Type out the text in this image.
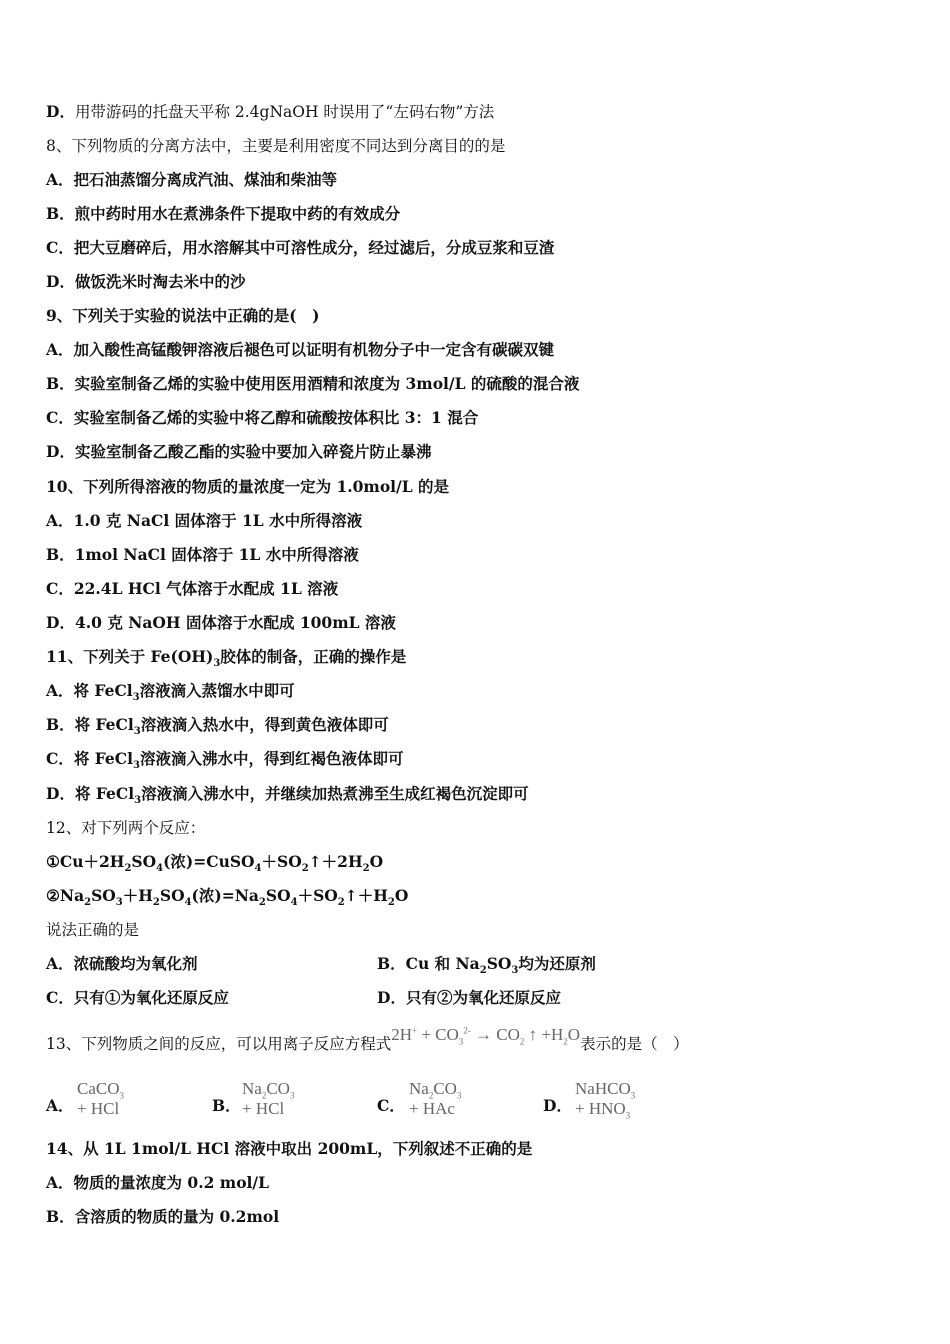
D．用带游码的托盘天平称 2.4gNaOH 时误用了“左码右物”方法
8、下列物质的分离方法中，主要是利用密度不同达到分离目的的是
A．把石油蒸馏分离成汽油、煤油和柴油等
B．煎中药时用水在煮沸条件下提取中药的有效成分
C．把大豆磨碎后，用水溶解其中可溶性成分，经过滤后，分成豆浆和豆渣
D．做饭洗米时淘去米中的沙
9、下列关于实验的说法中正确的是(　)
A．加入酸性高锰酸钾溶液后褪色可以证明有机物分子中一定含有碳碳双键
B．实验室制备乙烯的实验中使用医用酒精和浓度为 3mol/L 的硫酸的混合液
C．实验室制备乙烯的实验中将乙醇和硫酸按体积比 3：1 混合
D．实验室制备乙酸乙酯的实验中要加入碎瓷片防止暴沸
10、下列所得溶液的物质的量浓度一定为 1.0mol/L 的是
A．1.0 克 NaCl 固体溶于 1L 水中所得溶液
B．1mol NaCl 固体溶于 1L 水中所得溶液
C．22.4L HCl 气体溶于水配成 1L 溶液
D．4.0 克 NaOH 固体溶于水配成 100mL 溶液
11、下列关于 $Fe(OH)_3$胶体的制备，正确的操作是
A．将 FeCl$_3$溶液滴入蒸馏水中即可
B．将 FeCl$_3$溶液滴入热水中，得到黄色液体即可
C．将 FeCl$_3$溶液滴入沸水中，得到红褐色液体即可
D．将 FeCl$_3$溶液滴入沸水中，并继续加热煮沸至生成红褐色沉淀即可
12、对下列两个反应：
$①Cu+2H_2SO_4$(浓)$=CuSO_4+SO_2↑+2H_2O$
$②Na_2SO_3+H_2SO_4$(浓)$=Na_2SO_4+SO_2↑+H_2O$
说法正确的是
A．浓硫酸均为氧化剂	B．Cu 和 $Na_2SO_3$均为还原剂
C．只有①为氧化还原反应	D．只有②为氧化还原反应
13、下列物质之间的反应，可以用离子反应方程式$2H^+ + CO_3^{2-} \to CO_2$ ↑ $+H_2O$表示的是（　）
A．
CaCO$_3$ + HCl	B．
$Na_2CO_3$ + HCl	C．
$Na_2CO_3$ + HAc	D．
NaHCO$_3$ + $HNO_3$
14、从 1L 1mol/L HCl 溶液中取出 200mL，下列叙述不正确的是
A．物质的量浓度为 0.2 mol/L
B．含溶质的物质的量为 0.2mol
